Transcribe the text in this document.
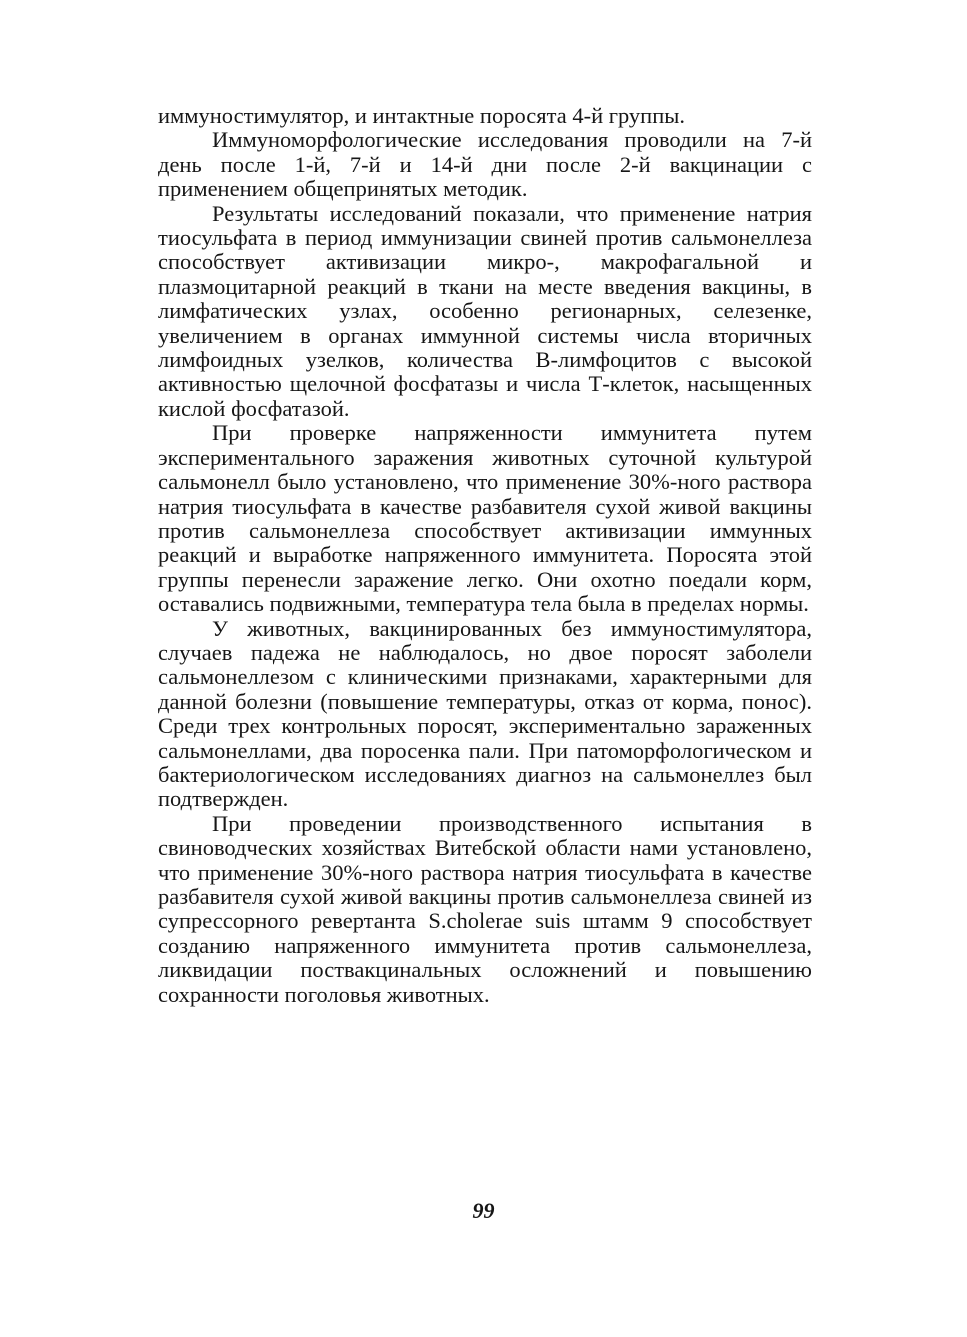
иммуностимулятор, и интактные поросята 4-й группы.

Иммуноморфологические исследования проводили на 7-й день после 1-й, 7-й и 14-й дни после 2-й вакцинации с применением общепринятых методик.

Результаты исследований показали, что применение натрия тиосульфата в период иммунизации свиней против сальмонеллеза способствует активизации микро-, макрофагальной и плазмоцитарной реакций в ткани на месте введения вакцины, в лимфатических узлах, особенно регионарных, селезенке, увеличением в органах иммунной системы числа вторичных лимфоидных узелков, количества В-лимфоцитов с высокой активностью щелочной фосфатазы и числа Т-клеток, насыщенных кислой фосфатазой.

При проверке напряженности иммунитета путем экспериментального заражения животных суточной культурой сальмонелл было установлено, что применение 30%-ного раствора натрия тиосульфата в качестве разбавителя сухой живой вакцины против сальмонеллеза способствует активизации иммунных реакций и выработке напряженного иммунитета. Поросята этой группы перенесли заражение легко. Они охотно поедали корм, оставались подвижными, температура тела была в пределах нормы.

У животных, вакцинированных без иммуностимулятора, случаев падежа не наблюдалось, но двое поросят заболели сальмонеллезом с клиническими признаками, характерными для данной болезни (повышение температуры, отказ от корма, понос). Среди трех контрольных поросят, экспериментально зараженных сальмонеллами, два поросенка пали. При патоморфологическом и бактериологическом исследованиях диагноз на сальмонеллез был подтвержден.

При проведении производственного испытания в свиноводческих хозяйствах Витебской области нами установлено, что применение 30%-ного раствора натрия тиосульфата в качестве разбавителя сухой живой вакцины против сальмонеллеза свиней из супрессорного ревертанта S.cholerae suis штамм 9 способствует созданию напряженного иммунитета против сальмонеллеза, ликвидации поствакцинальных осложнений и повышению сохранности поголовья животных.

99
